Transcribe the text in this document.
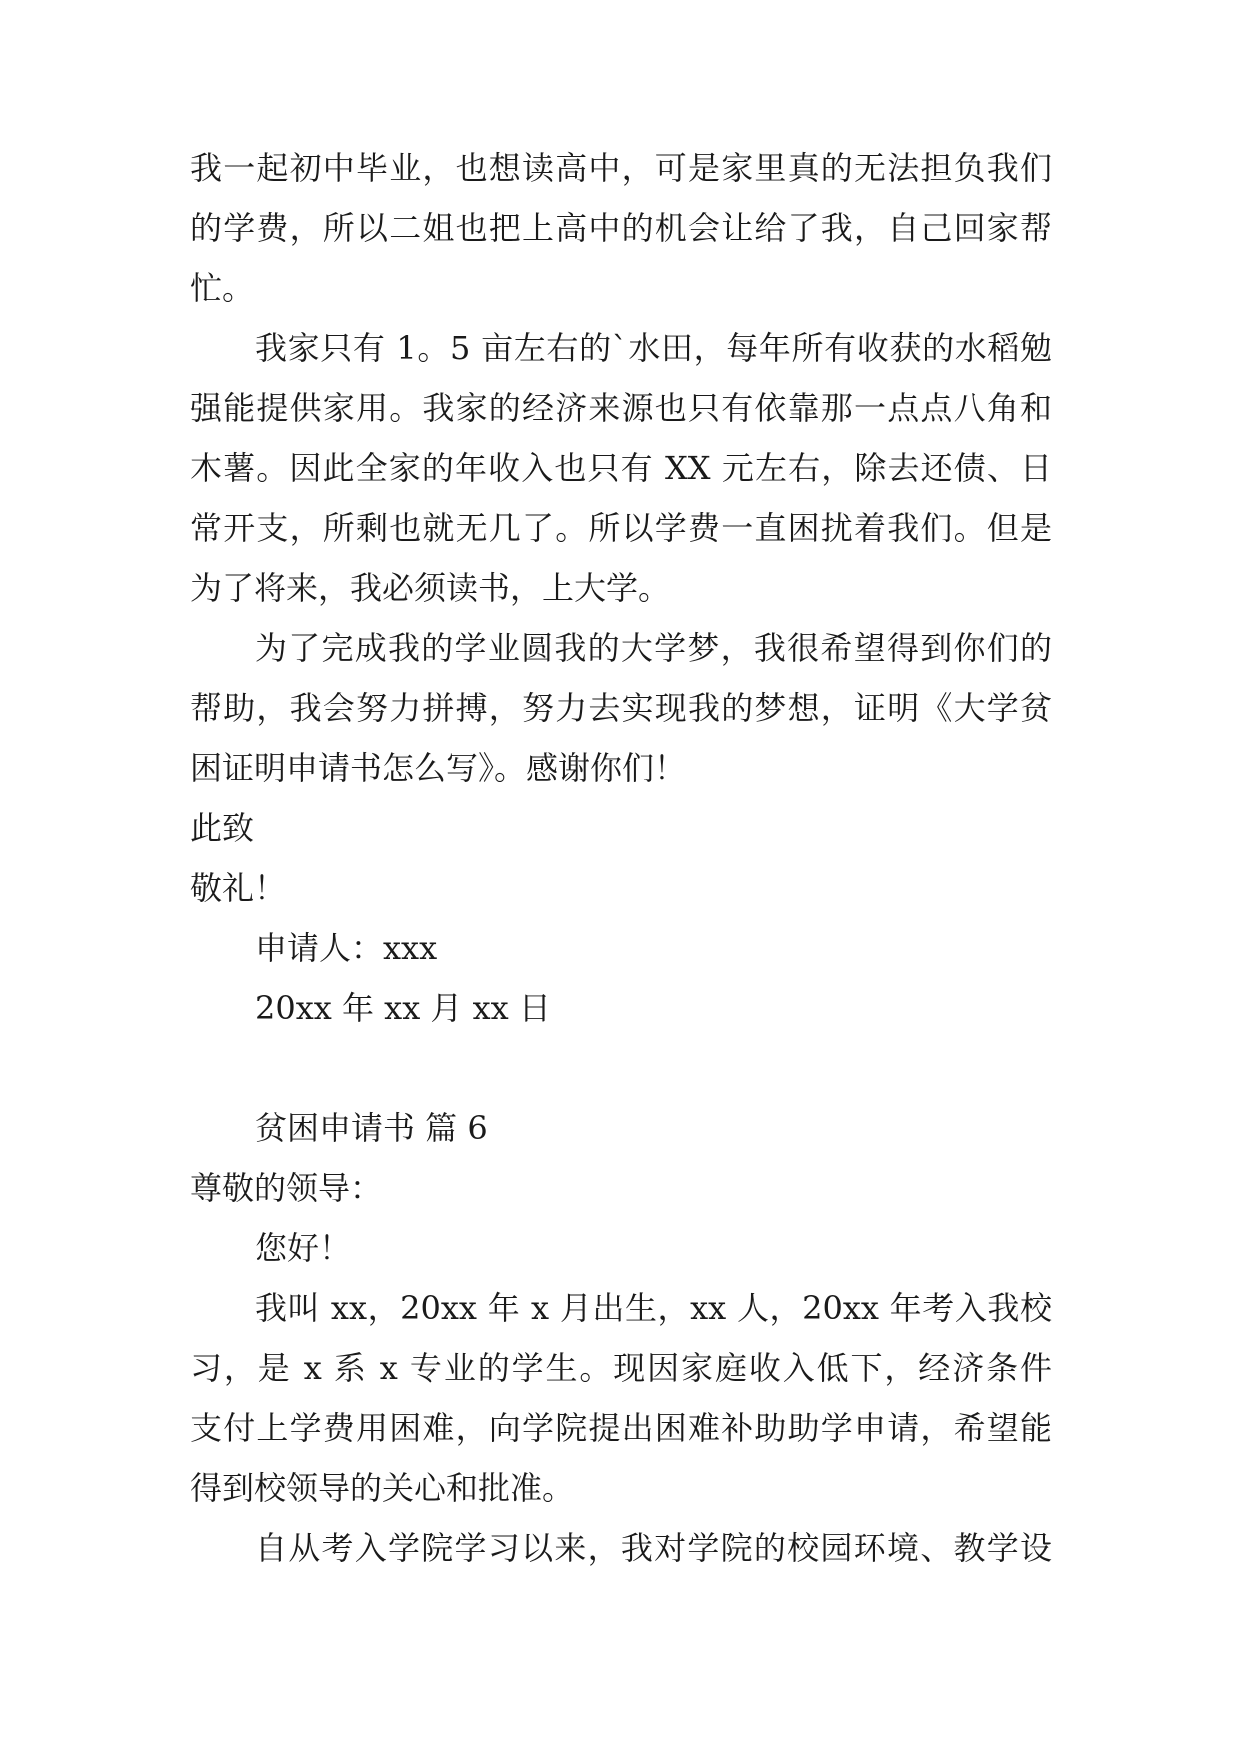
我一起初中毕业，也想读高中，可是家里真的无法担负我们
的学费，所以二姐也把上高中的机会让给了我，自己回家帮
忙。
我家只有 1。5 亩左右的`水田，每年所有收获的水稻勉
强能提供家用。我家的经济来源也只有依靠那一点点八角和
木薯。因此全家的年收入也只有 XX 元左右，除去还债、日
常开支，所剩也就无几了。所以学费一直困扰着我们。但是
为了将来，我必须读书，上大学。
为了完成我的学业圆我的大学梦，我很希望得到你们的
帮助，我会努力拼搏，努力去实现我的梦想，证明《大学贫
困证明申请书怎么写》。感谢你们！
此致
敬礼！
申请人：xxx
20xx 年 xx 月 xx 日
贫困申请书 篇 6
尊敬的领导：
您好！
我叫 xx，20xx 年 x 月出生，xx 人，20xx 年考入我校
习，是 x 系 x 专业的学生。现因家庭收入低下，经济条件
支付上学费用困难，向学院提出困难补助助学申请，希望能
得到校领导的关心和批准。
自从考入学院学习以来，我对学院的校园环境、教学设
